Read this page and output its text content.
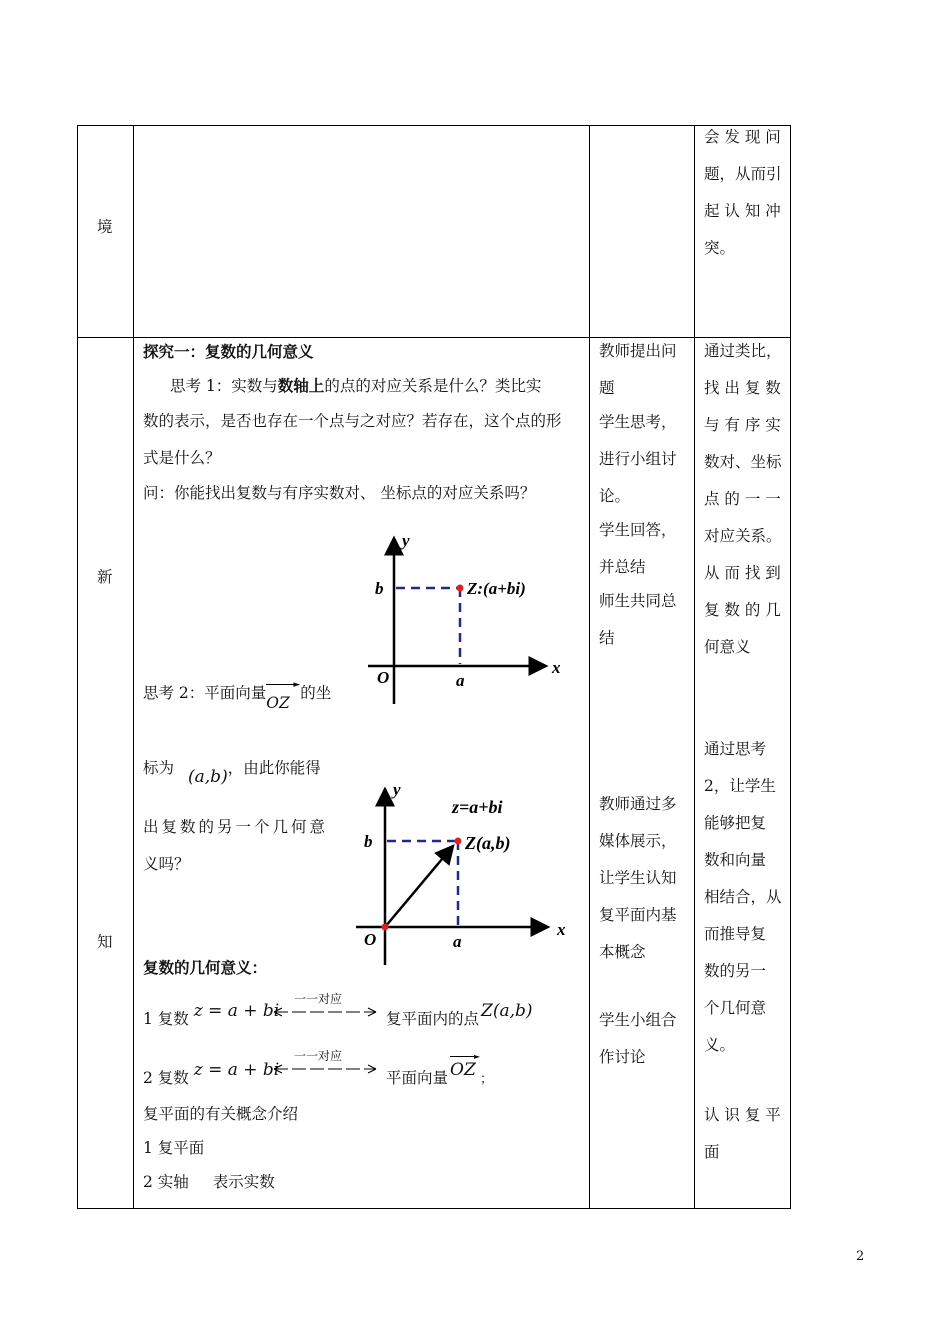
境
新
知
会 发 现 问
题，从而引
起 认 知 冲
突。
探究一：复数的几何意义
思考 1：实数与数轴上的点的对应关系是什么？类比实
数的表示，是否也存在一个点与之对应？若存在，这个点的形
式是什么？
问：你能找出复数与有序实数对、 坐标点的对应关系吗？
y
x
b
a
O
Z:(a+bi)
思考 2：平面向量	►
OZ的坐
标为 (a,b)，由此你能得
出复数的另一个几何意
义吗？
y
x
b
a
O
z=a+bi
Z(a,b)
复数的几何意义：
1 复数 z = a + bi
一一对应
复平面内的点 Z(a,b)
2 复数 z = a + bi
一一对应
平面向量
►
OZ $_;$
复平面的有关概念介绍
1 复平面
2 实轴 表示实数
教师提出问
题
学生思考，
进行小组讨
论。
学生回答，
并总结
师生共同总
结
教师通过多
媒体展示，
让学生认知
复平面内基
本概念
学生小组合
作讨论
通过类比，
找 出 复 数
与 有 序 实
数对、坐标
点 的 一 一
对应关系。
从 而 找 到
复 数 的 几
何意义
通过思考
2，让学生
能够把复
数和向量
相结合，从
而推导复
数的另一
个几何意
义。
认 识 复 平
面
2
